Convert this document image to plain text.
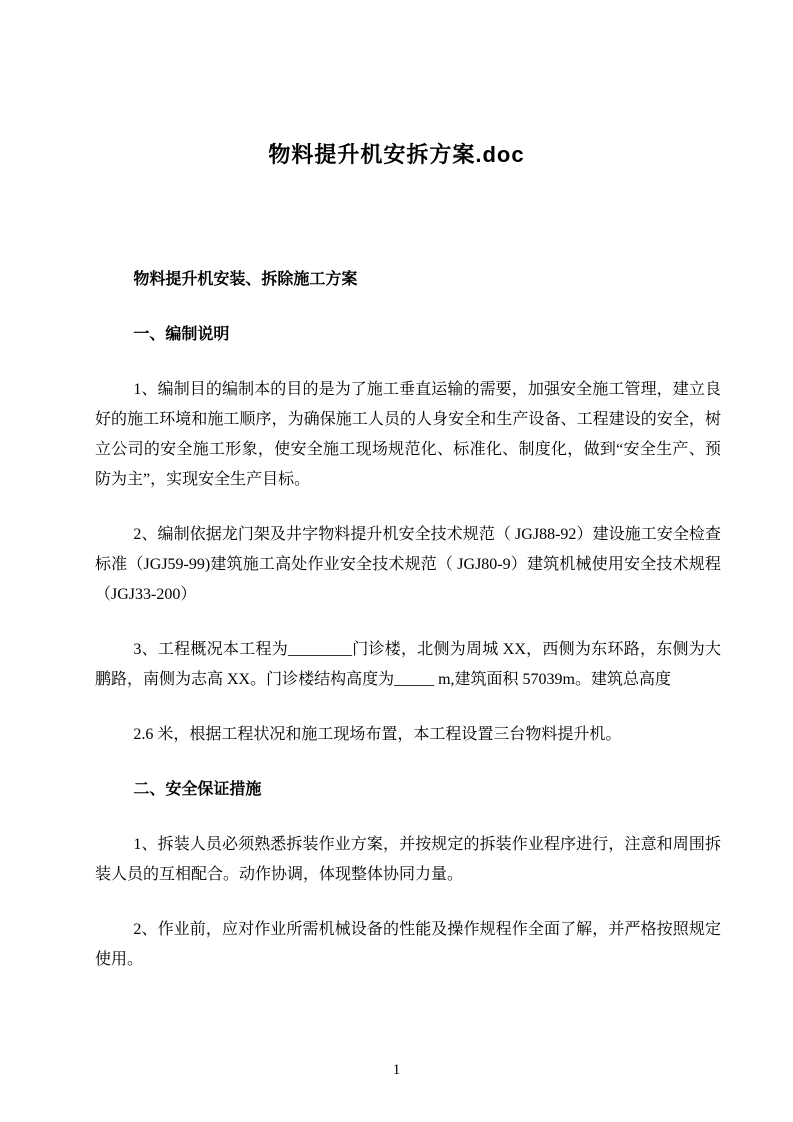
物料提升机安拆方案.doc

物料提升机安装、拆除施工方案

一、编制说明

1、编制目的编制本的目的是为了施工垂直运输的需要，加强安全施工管理，建立良好的施工环境和施工顺序，为确保施工人员的人身安全和生产设备、工程建设的安全，树立公司的安全施工形象，使安全施工现场规范化、标准化、制度化，做到“安全生产、预防为主”，实现安全生产目标。

2、编制依据龙门架及井字物料提升机安全技术规范（ JGJ88-92）建设施工安全检查标准（JGJ59-99)建筑施工高处作业安全技术规范（ JGJ80-9）建筑机械使用安全技术规程（JGJ33-200）

3、工程概况本工程为________门诊楼，北侧为周城 XX，西侧为东环路，东侧为大鹏路，南侧为志高 XX。门诊楼结构高度为_____ m,建筑面积 57039m。建筑总高度

2.6 米，根据工程状况和施工现场布置，本工程设置三台物料提升机。

二、安全保证措施

1、拆装人员必须熟悉拆装作业方案，并按规定的拆装作业程序进行，注意和周围拆装人员的互相配合。动作协调，体现整体协同力量。

2、作业前，应对作业所需机械设备的性能及操作规程作全面了解，并严格按照规定使用。

1
